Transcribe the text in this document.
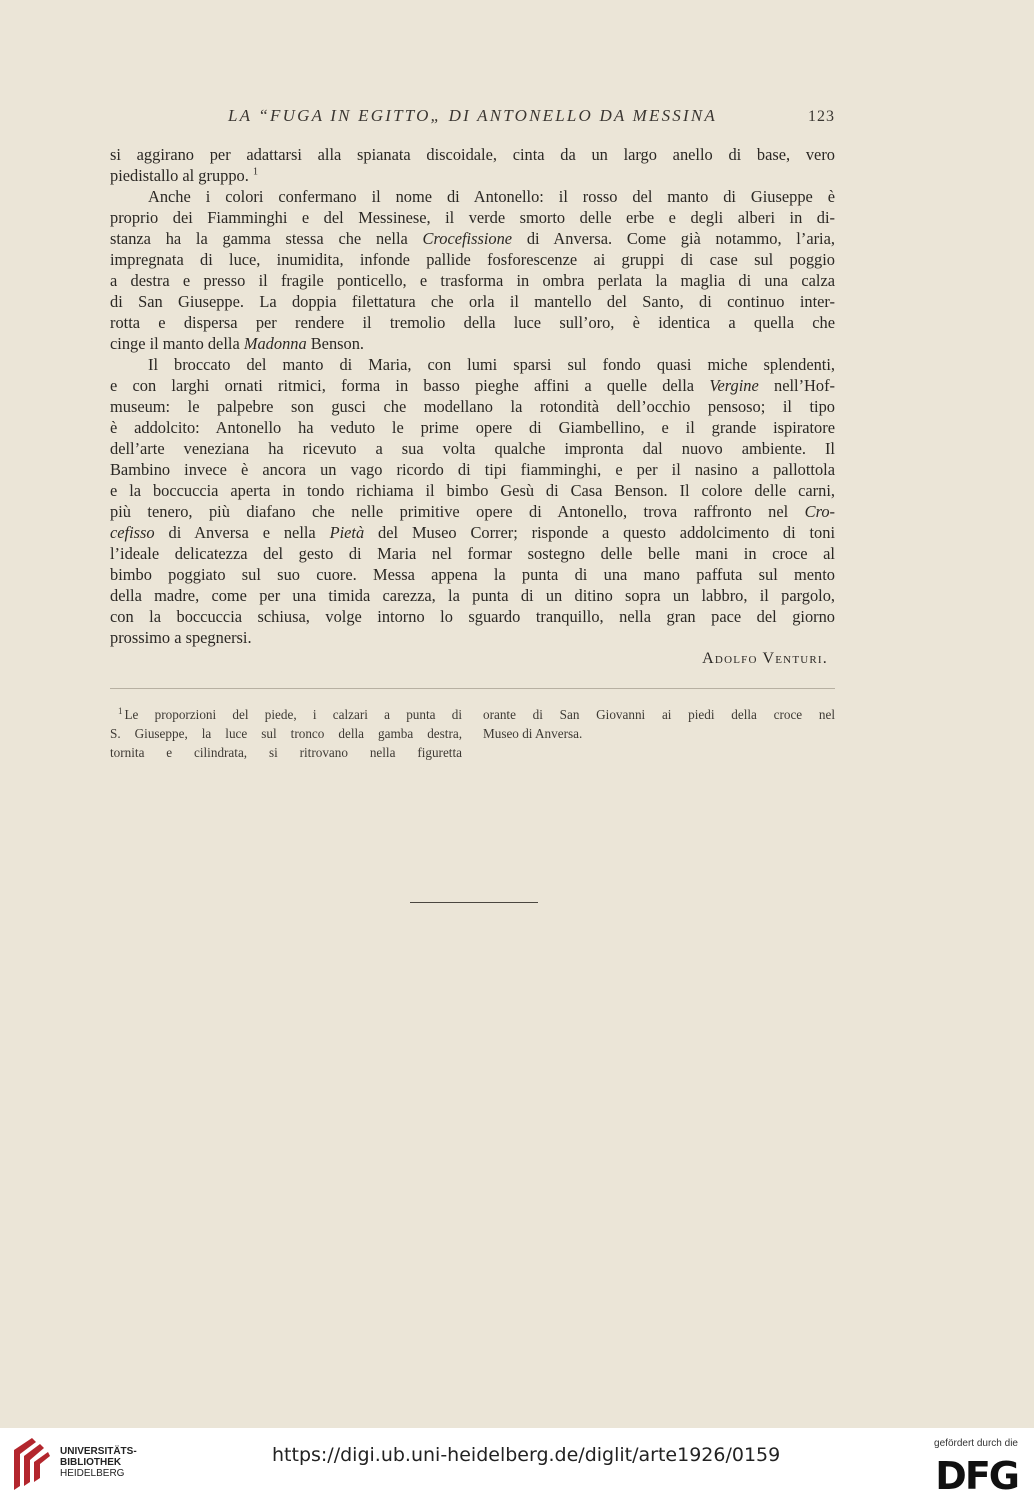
LA “FUGA IN EGITTO„ DI ANTONELLO DA MESSINA	123
si aggirano per adattarsi alla spianata discoidale, cinta da un largo anello di base, vero
piedistallo al gruppo. $^1$
Anche i colori confermano il nome di Antonello: il rosso del manto di Giuseppe è
proprio dei Fiamminghi e del Messinese, il verde smorto delle erbe e degli alberi in di-
stanza ha la gamma stessa che nella Crocefissione di Anversa. Come già notammo, l’aria,
impregnata di luce, inumidita, infonde pallide fosforescenze ai gruppi di case sul poggio
a destra e presso il fragile ponticello, e trasforma in ombra perlata la maglia di una calza
di San Giuseppe. La doppia filettatura che orla il mantello del Santo, di continuo inter-
rotta e dispersa per rendere il tremolio della luce sull’oro, è identica a quella che
cinge il manto della Madonna Benson.
Il broccato del manto di Maria, con lumi sparsi sul fondo quasi miche splendenti,
e con larghi ornati ritmici, forma in basso pieghe affini a quelle della Vergine nell’Hof-
museum: le palpebre son gusci che modellano la rotondità dell’occhio pensoso; il tipo
è addolcito: Antonello ha veduto le prime opere di Giambellino, e il grande ispiratore
dell’arte veneziana ha ricevuto a sua volta qualche impronta dal nuovo ambiente. Il
Bambino invece è ancora un vago ricordo di tipi fiamminghi, e per il nasino a pallottola
e la boccuccia aperta in tondo richiama il bimbo Gesù di Casa Benson. Il colore delle carni,
più tenero, più diafano che nelle primitive opere di Antonello, trova raffronto nel Cro-
cefisso di Anversa e nella Pietà del Museo Correr; risponde a questo addolcimento di toni
l’ideale delicatezza del gesto di Maria nel formar sostegno delle belle mani in croce al
bimbo poggiato sul suo cuore. Messa appena la punta di una mano paffuta sul mento
della madre, come per una timida carezza, la punta di un ditino sopra un labbro, il pargolo,
con la boccuccia schiusa, volge intorno lo sguardo tranquillo, nella gran pace del giorno
prossimo a spegnersi.
Adolfo Venturi.
$^1$ Le proporzioni del piede, i calzari a punta di
S. Giuseppe, la luce sul tronco della gamba destra,
tornita e cilindrata, si ritrovano nella figuretta
orante di San Giovanni ai piedi della croce nel
Museo di Anversa.
UNIVERSITÄTS-
BIBLIOTHEK
HEIDELBERG
https://digi.ub.uni-heidelberg.de/diglit/arte1926/0159
gefördert durch die
DFG
